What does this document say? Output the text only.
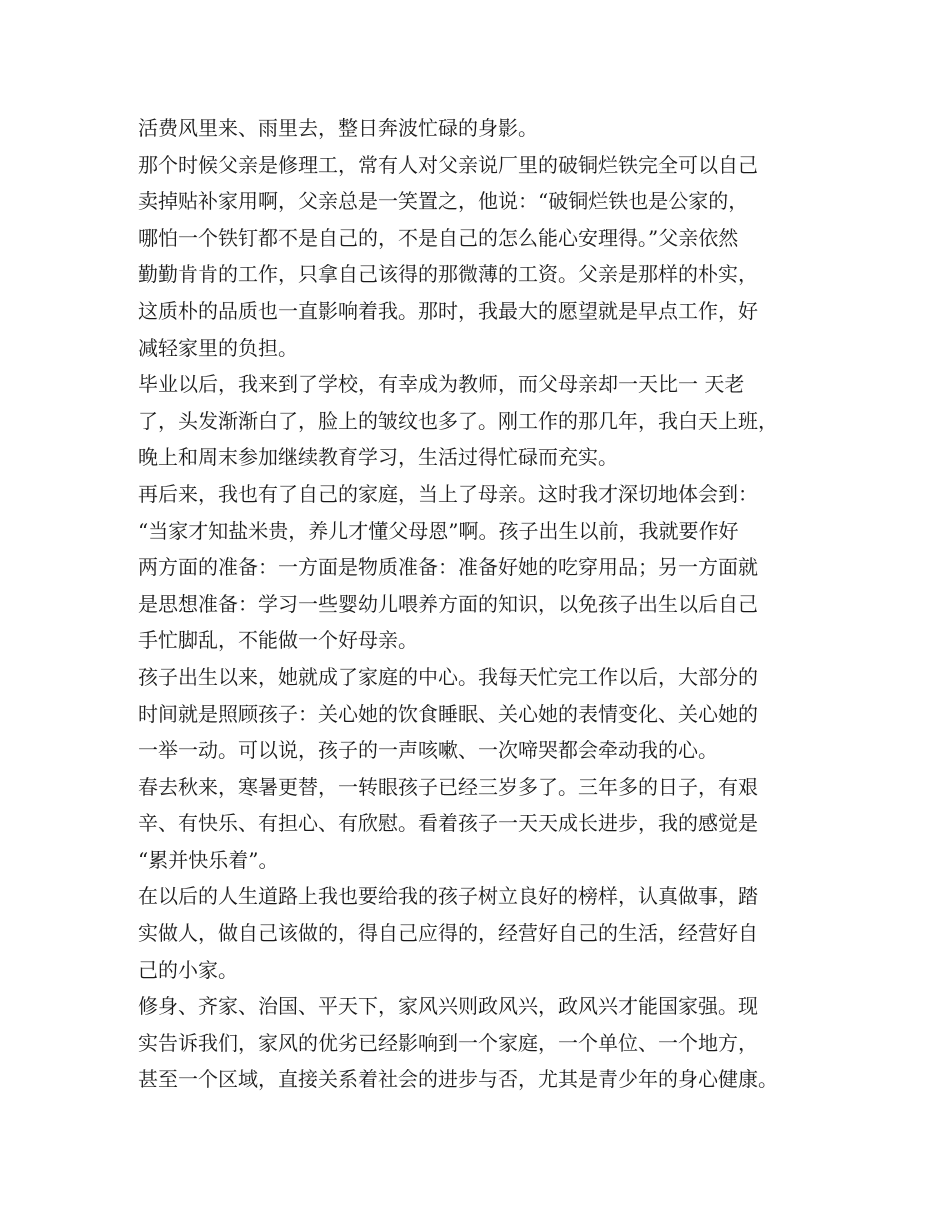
活费风里来、雨里去，整日奔波忙碌的身影。
那个时候父亲是修理工，常有人对父亲说厂里的破铜烂铁完全可以自己
卖掉贴补家用啊，父亲总是一笑置之，他说：“破铜烂铁也是公家的，
哪怕一个铁钉都不是自己的，不是自己的怎么能心安理得。”父亲依然
勤勤肯肯的工作，只拿自己该得的那微薄的工资。父亲是那样的朴实，
这质朴的品质也一直影响着我。那时，我最大的愿望就是早点工作，好
减轻家里的负担。
毕业以后，我来到了学校，有幸成为教师，而父母亲却一天比一 天老
了，头发渐渐白了，脸上的皱纹也多了。刚工作的那几年，我白天上班，
晚上和周末参加继续教育学习，生活过得忙碌而充实。
再后来，我也有了自己的家庭，当上了母亲。这时我才深切地体会到：
“当家才知盐米贵，养儿才懂父母恩”啊。孩子出生以前，我就要作好
两方面的准备：一方面是物质准备：准备好她的吃穿用品；另一方面就
是思想准备：学习一些婴幼儿喂养方面的知识，以免孩子出生以后自己
手忙脚乱，不能做一个好母亲。
孩子出生以来，她就成了家庭的中心。我每天忙完工作以后，大部分的
时间就是照顾孩子：关心她的饮食睡眠、关心她的表情变化、关心她的
一举一动。可以说，孩子的一声咳嗽、一次啼哭都会牵动我的心。
春去秋来，寒暑更替，一转眼孩子已经三岁多了。三年多的日子，有艰
辛、有快乐、有担心、有欣慰。看着孩子一天天成长进步，我的感觉是
“累并快乐着”。
在以后的人生道路上我也要给我的孩子树立良好的榜样，认真做事，踏
实做人，做自己该做的，得自己应得的，经营好自己的生活，经营好自
己的小家。
修身、齐家、治国、平天下，家风兴则政风兴，政风兴才能国家强。现
实告诉我们，家风的优劣已经影响到一个家庭，一个单位、一个地方，
甚至一个区域，直接关系着社会的进步与否，尤其是青少年的身心健康。
